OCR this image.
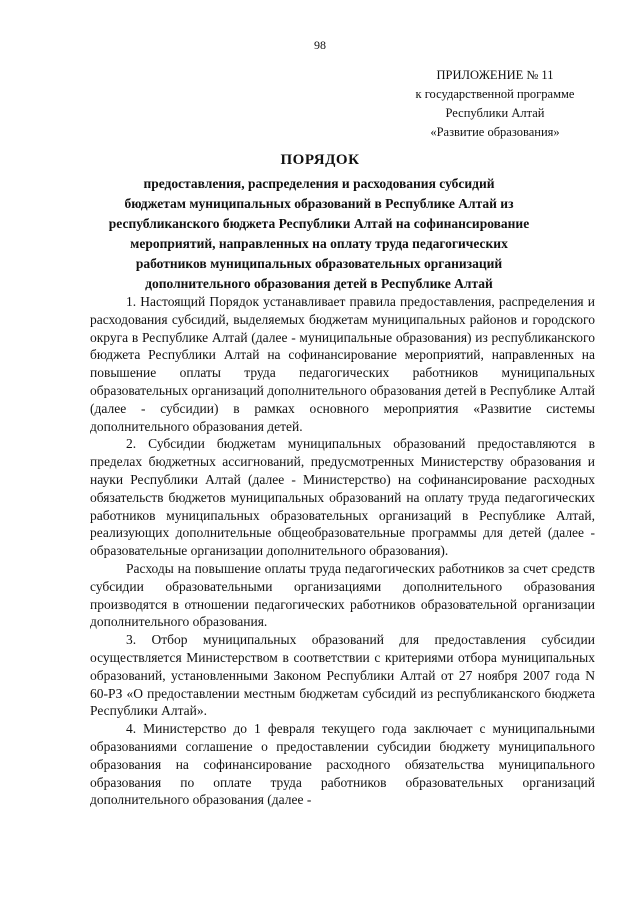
98
ПРИЛОЖЕНИЕ № 11
к государственной программе
Республики Алтай
«Развитие образования»
ПОРЯДОК
предоставления, распределения и расходования субсидий
бюджетам муниципальных образований в Республике Алтай из
республиканского бюджета Республики Алтай на софинансирование
мероприятий, направленных на оплату труда педагогических
работников муниципальных образовательных организаций
дополнительного образования детей в Республике Алтай

1. Настоящий Порядок устанавливает правила предоставления, распределения и расходования субсидий, выделяемых бюджетам муниципальных районов и городского округа в Республике Алтай (далее - муниципальные образования) из республиканского бюджета Республики Алтай на софинансирование мероприятий, направленных на повышение оплаты труда педагогических работников муниципальных образовательных организаций дополнительного образования детей в Республике Алтай (далее - субсидии) в рамках основного мероприятия «Развитие системы дополнительного образования детей.

2. Субсидии бюджетам муниципальных образований предоставляются в пределах бюджетных ассигнований, предусмотренных Министерству образования и науки Республики Алтай (далее - Министерство) на софинансирование расходных обязательств бюджетов муниципальных образований на оплату труда педагогических работников муниципальных образовательных организаций в Республике Алтай, реализующих дополнительные общеобразовательные программы для детей (далее - образовательные организации дополнительного образования).

Расходы на повышение оплаты труда педагогических работников за счет средств субсидии образовательными организациями дополнительного образования производятся в отношении педагогических работников образовательной организации дополнительного образования.

3. Отбор муниципальных образований для предоставления субсидии осуществляется Министерством в соответствии с критериями отбора муниципальных образований, установленными Законом Республики Алтай от 27 ноября 2007 года N 60-РЗ «О предоставлении местным бюджетам субсидий из республиканского бюджета Республики Алтай».

4. Министерство до 1 февраля текущего года заключает с муниципальными образованиями соглашение о предоставлении субсидии бюджету муниципального образования на софинансирование расходного обязательства муниципального образования по оплате труда работников образовательных организаций дополнительного образования (далее -
